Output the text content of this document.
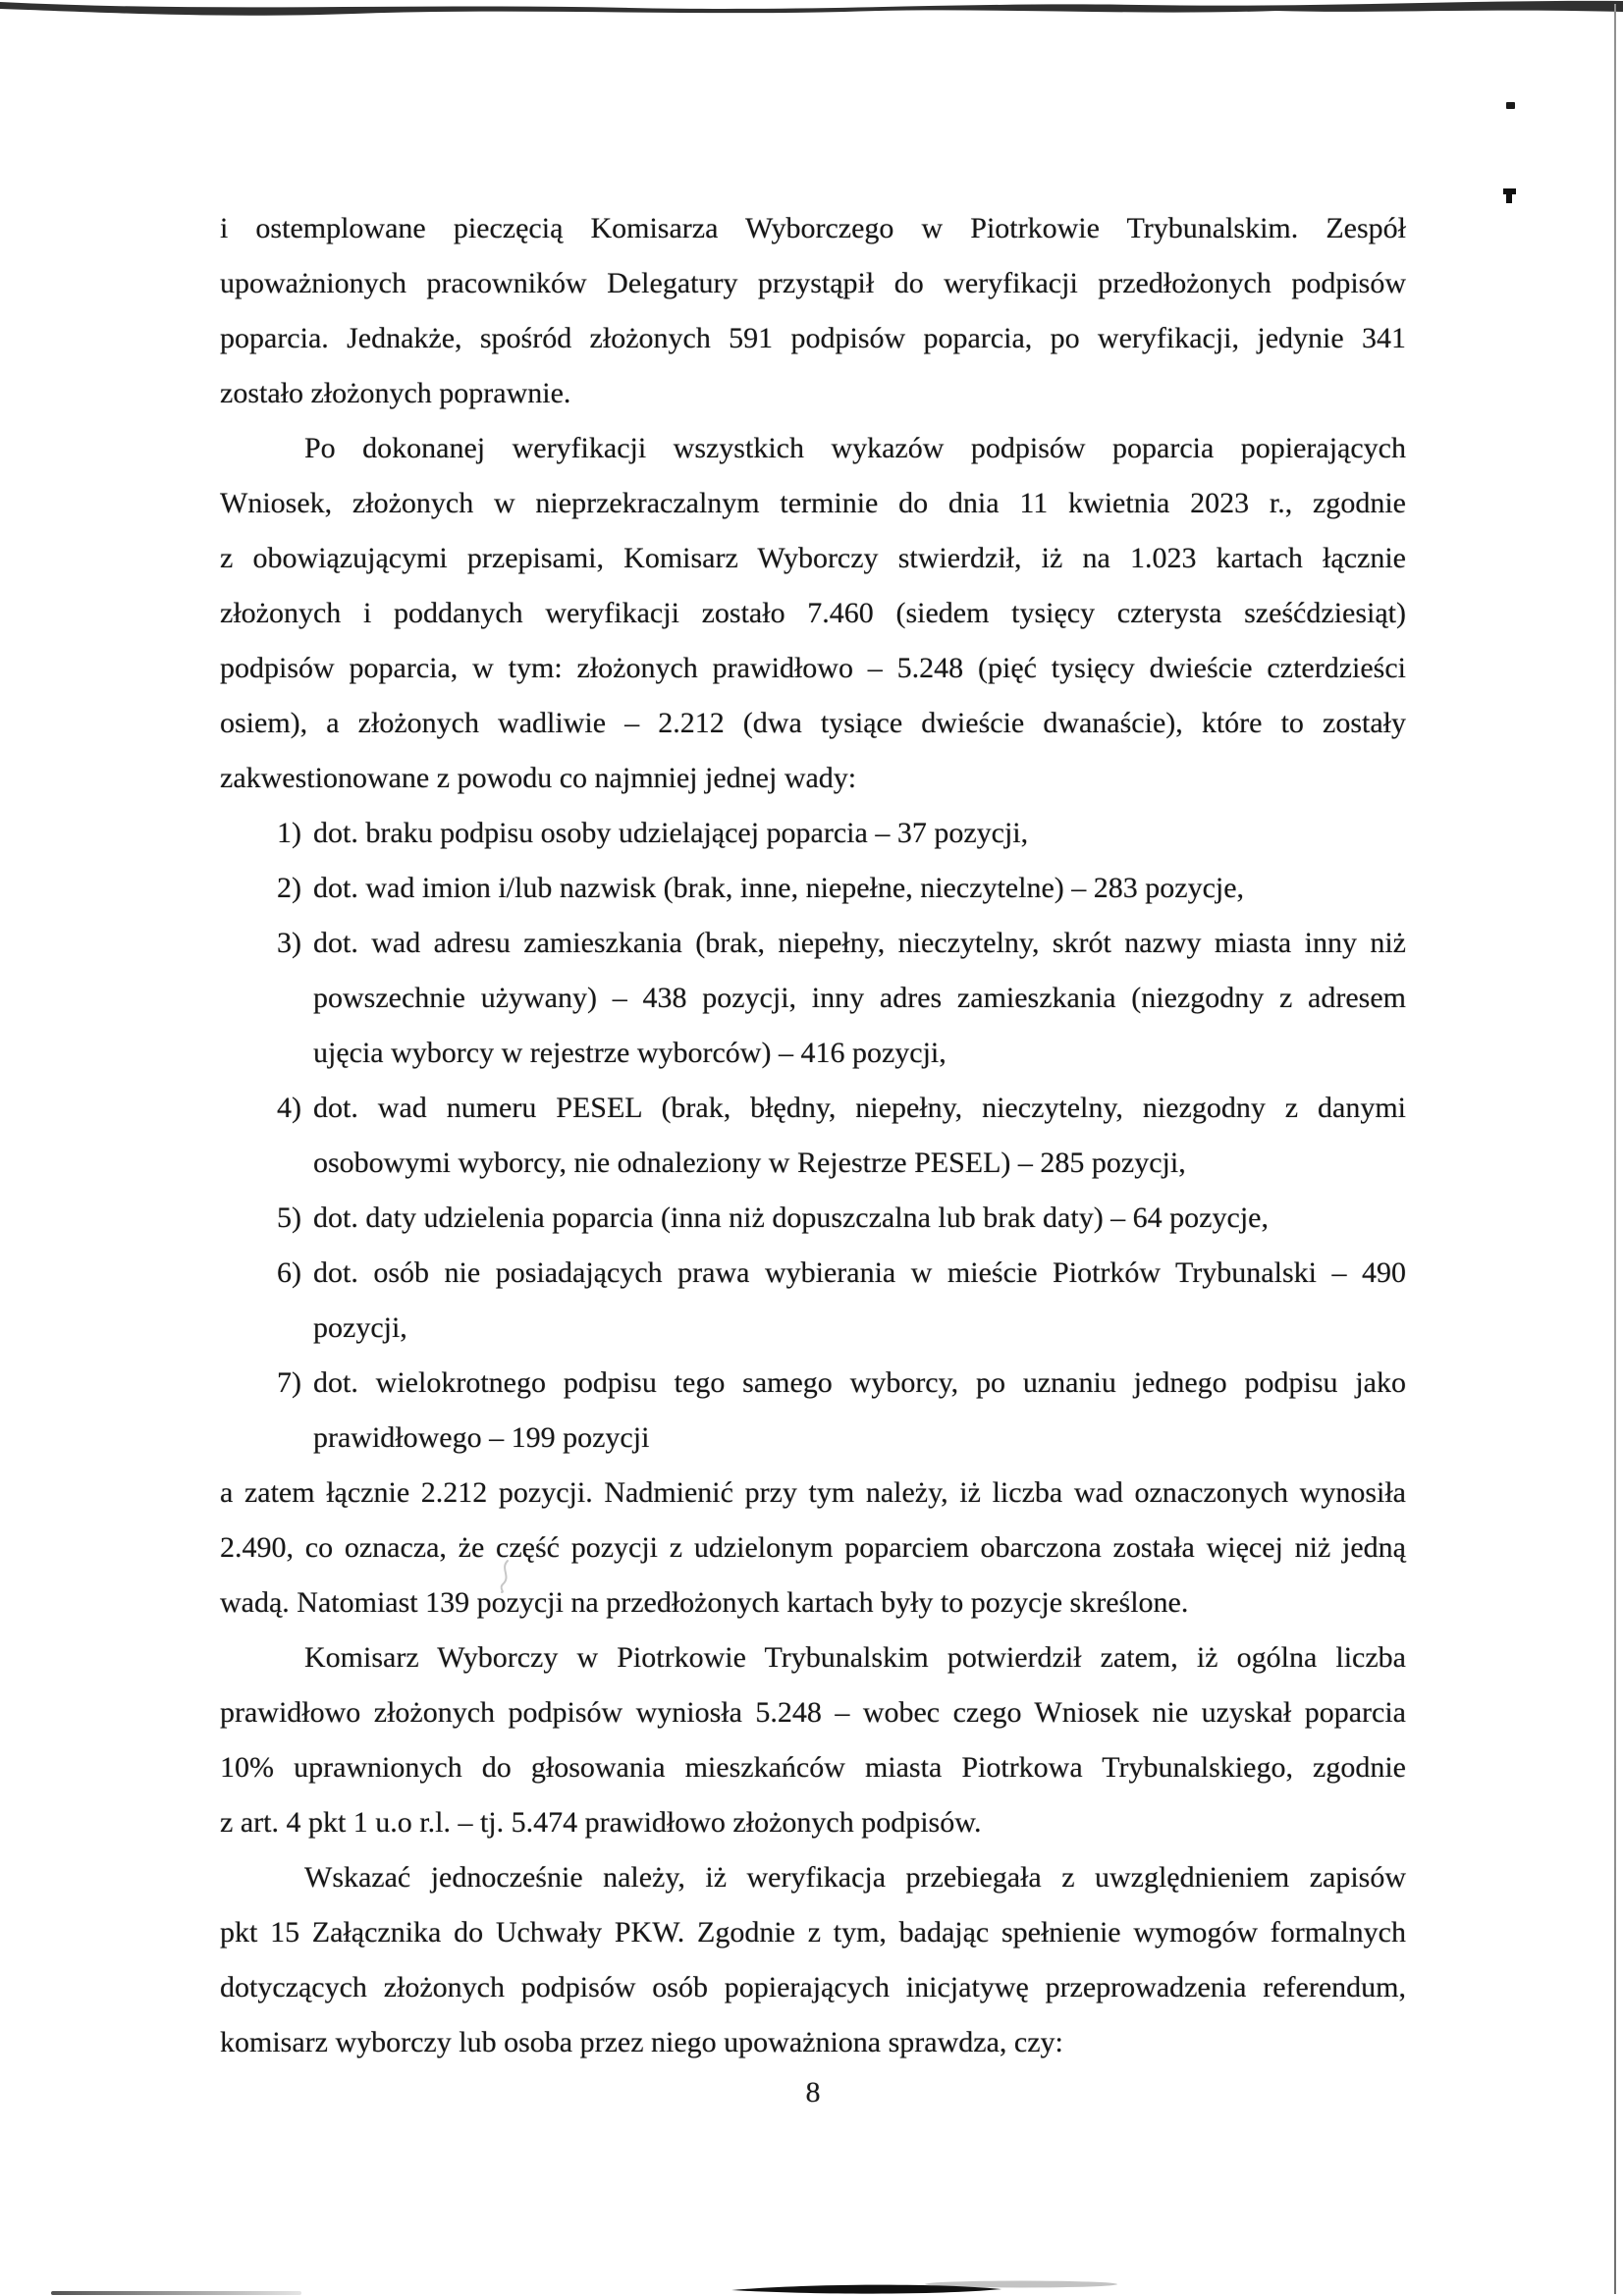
i ostemplowane pieczęcią Komisarza Wyborczego w Piotrkowie Trybunalskim. Zespół
upoważnionych pracowników Delegatury przystąpił do weryfikacji przedłożonych podpisów
poparcia. Jednakże, spośród złożonych 591 podpisów poparcia, po weryfikacji, jedynie 341
zostało złożonych poprawnie.
Po dokonanej weryfikacji wszystkich wykazów podpisów poparcia popierających
Wniosek, złożonych w nieprzekraczalnym terminie do dnia 11 kwietnia 2023 r., zgodnie
z obowiązującymi przepisami, Komisarz Wyborczy stwierdził, iż na 1.023 kartach łącznie
złożonych i poddanych weryfikacji zostało 7.460 (siedem tysięcy czterysta sześćdziesiąt)
podpisów poparcia, w tym: złożonych prawidłowo – 5.248 (pięć tysięcy dwieście czterdzieści
osiem), a złożonych wadliwie – 2.212 (dwa tysiące dwieście dwanaście), które to zostały
zakwestionowane z powodu co najmniej jednej wady:
1) dot. braku podpisu osoby udzielającej poparcia – 37 pozycji,
2) dot. wad imion i/lub nazwisk (brak, inne, niepełne, nieczytelne) – 283 pozycje,
3) dot. wad adresu zamieszkania (brak, niepełny, nieczytelny, skrót nazwy miasta inny niż
powszechnie używany) – 438 pozycji, inny adres zamieszkania (niezgodny z adresem
ujęcia wyborcy w rejestrze wyborców) – 416 pozycji,
4) dot. wad numeru PESEL (brak, błędny, niepełny, nieczytelny, niezgodny z danymi
osobowymi wyborcy, nie odnaleziony w Rejestrze PESEL) – 285 pozycji,
5) dot. daty udzielenia poparcia (inna niż dopuszczalna lub brak daty) – 64 pozycje,
6) dot. osób nie posiadających prawa wybierania w mieście Piotrków Trybunalski – 490
pozycji,
7) dot. wielokrotnego podpisu tego samego wyborcy, po uznaniu jednego podpisu jako
prawidłowego – 199 pozycji
a zatem łącznie 2.212 pozycji. Nadmienić przy tym należy, iż liczba wad oznaczonych wynosiła
2.490, co oznacza, że część pozycji z udzielonym poparciem obarczona została więcej niż jedną
wadą. Natomiast 139 pozycji na przedłożonych kartach były to pozycje skreślone.
Komisarz Wyborczy w Piotrkowie Trybunalskim potwierdził zatem, iż ogólna liczba
prawidłowo złożonych podpisów wyniosła 5.248 – wobec czego Wniosek nie uzyskał poparcia
10% uprawnionych do głosowania mieszkańców miasta Piotrkowa Trybunalskiego, zgodnie
z art. 4 pkt 1 u.o r.l. – tj. 5.474 prawidłowo złożonych podpisów.
Wskazać jednocześnie należy, iż weryfikacja przebiegała z uwzględnieniem zapisów
pkt 15 Załącznika do Uchwały PKW. Zgodnie z tym, badając spełnienie wymogów formalnych
dotyczących złożonych podpisów osób popierających inicjatywę przeprowadzenia referendum,
komisarz wyborczy lub osoba przez niego upoważniona sprawdza, czy:
8
